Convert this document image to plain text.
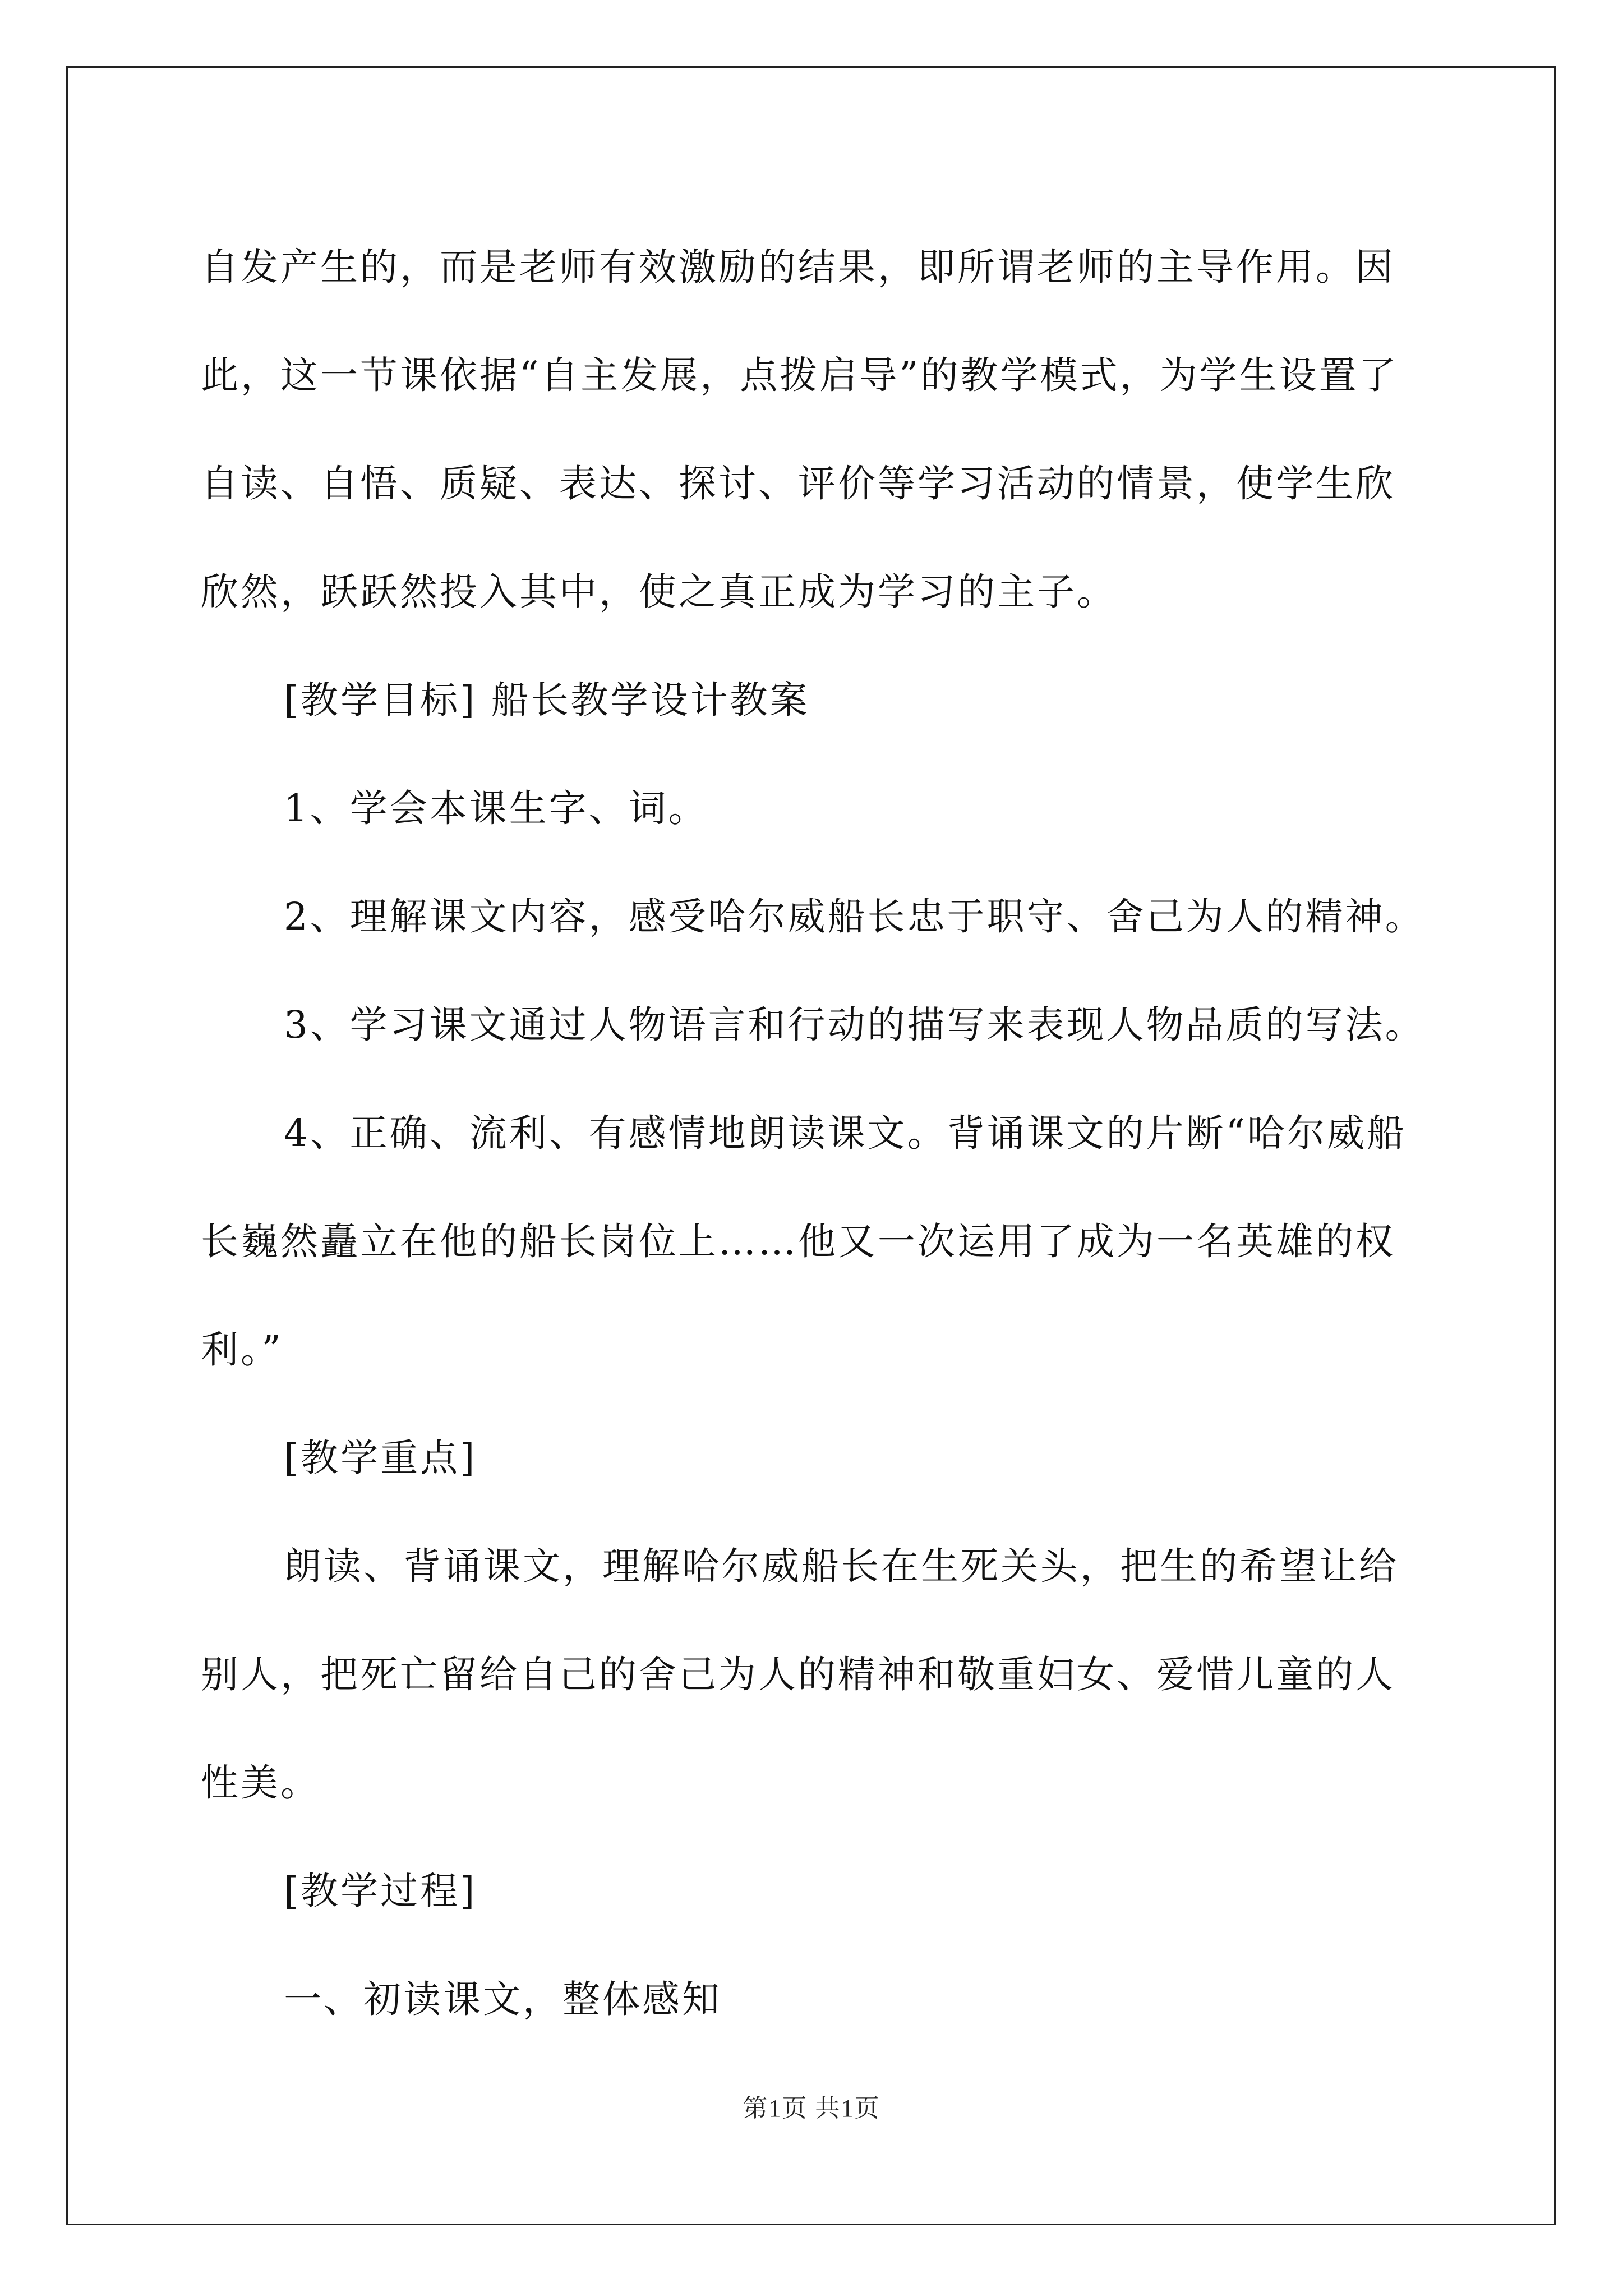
自发产生的，而是老师有效激励的结果，即所谓老师的主导作用。因此，这一节课依据“自主发展，点拨启导”的教学模式，为学生设置了自读、自悟、质疑、表达、探讨、评价等学习活动的情景，使学生欣欣然，跃跃然投入其中，使之真正成为学习的主子。

[教学目标] 船长教学设计教案

1、学会本课生字、词。

2、理解课文内容，感受哈尔威船长忠于职守、舍己为人的精神。

3、学习课文通过人物语言和行动的描写来表现人物品质的写法。

4、正确、流利、有感情地朗读课文。背诵课文的片断“哈尔威船长巍然矗立在他的船长岗位上……他又一次运用了成为一名英雄的权利。”

[教学重点]

朗读、背诵课文，理解哈尔威船长在生死关头，把生的希望让给别人，把死亡留给自己的舍己为人的精神和敬重妇女、爱惜儿童的人性美。

[教学过程]

一、初读课文，整体感知

第1页 共1页
